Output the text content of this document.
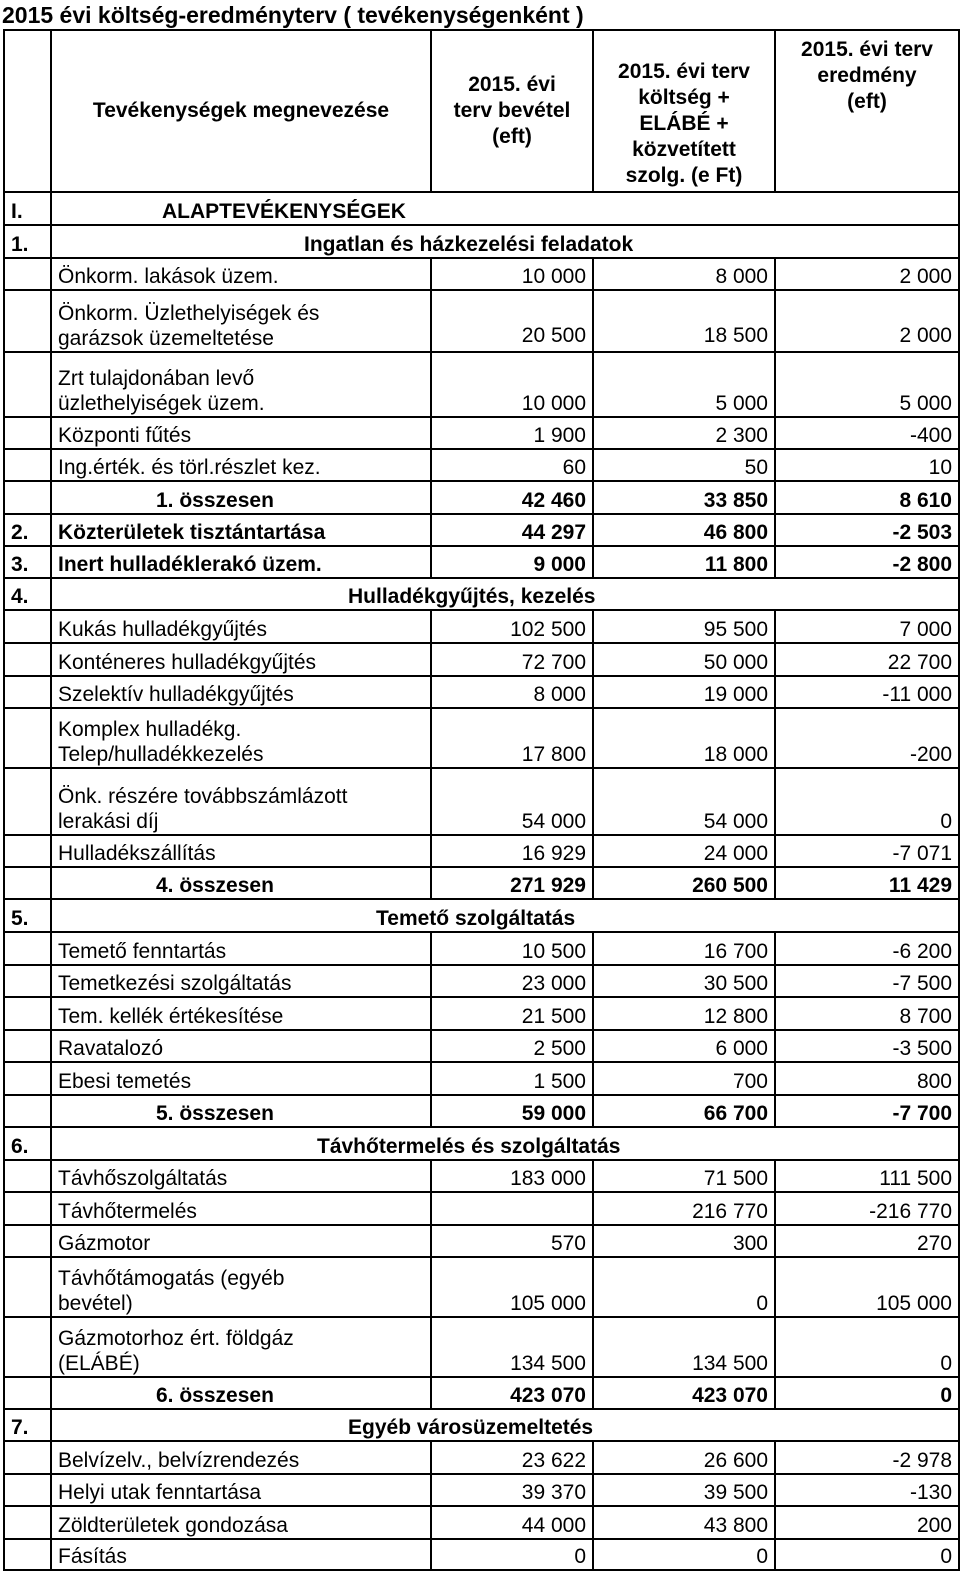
2015 évi költség-eredményterv ( tevékenységenként )
	Tevékenységek megnevezése	2015. évi
terv bevétel
(eft)	2015. évi terv
költség +
ELÁBÉ +
közvetített
szolg. (e Ft)	2015. évi terv
eredmény
(eft)
I.	ALAPTEVÉKENYSÉGEK			
1.	Ingatlan és házkezelési feladatok			
	Önkorm. lakások üzem.	10 000	8 000	2 000
	Önkorm. Üzlethelyiségek és
garázsok üzemeltetése	20 500	18 500	2 000
	Zrt tulajdonában levő
üzlethelyiségek üzem.	10 000	5 000	5 000
	Központi fűtés	1 900	2 300	-400
	Ing.érték. és törl.részlet kez.	60	50	10
	1. összesen	42 460	33 850	8 610
2.	Közterületek tisztántartása	44 297	46 800	-2 503
3.	Inert hulladéklerakó üzem.	9 000	11 800	-2 800
4.	Hulladékgyűjtés, kezelés			
	Kukás hulladékgyűjtés	102 500	95 500	7 000
	Konténeres hulladékgyűjtés	72 700	50 000	22 700
	Szelektív hulladékgyűjtés	8 000	19 000	-11 000
	Komplex hulladékg.
Telep/hulladékkezelés	17 800	18 000	-200
	Önk. részére továbbszámlázott
lerakási díj	54 000	54 000	0
	Hulladékszállítás	16 929	24 000	-7 071
	4. összesen	271 929	260 500	11 429
5.	Temető szolgáltatás			
	Temető fenntartás	10 500	16 700	-6 200
	Temetkezési szolgáltatás	23 000	30 500	-7 500
	Tem. kellék értékesítése	21 500	12 800	8 700
	Ravatalozó	2 500	6 000	-3 500
	Ebesi temetés	1 500	700	800
	5. összesen	59 000	66 700	-7 700
6.	Távhőtermelés és szolgáltatás			
	Távhőszolgáltatás	183 000	71 500	111 500
	Távhőtermelés		216 770	-216 770
	Gázmotor	570	300	270
	Távhőtámogatás (egyéb
bevétel)	105 000	0	105 000
	Gázmotorhoz ért. földgáz
(ELÁBÉ)	134 500	134 500	0
	6. összesen	423 070	423 070	0
7.	Egyéb városüzemeltetés			
	Belvízelv., belvízrendezés	23 622	26 600	-2 978
	Helyi utak fenntartása	39 370	39 500	-130
	Zöldterületek gondozása	44 000	43 800	200
	Fásítás	0	0	0
